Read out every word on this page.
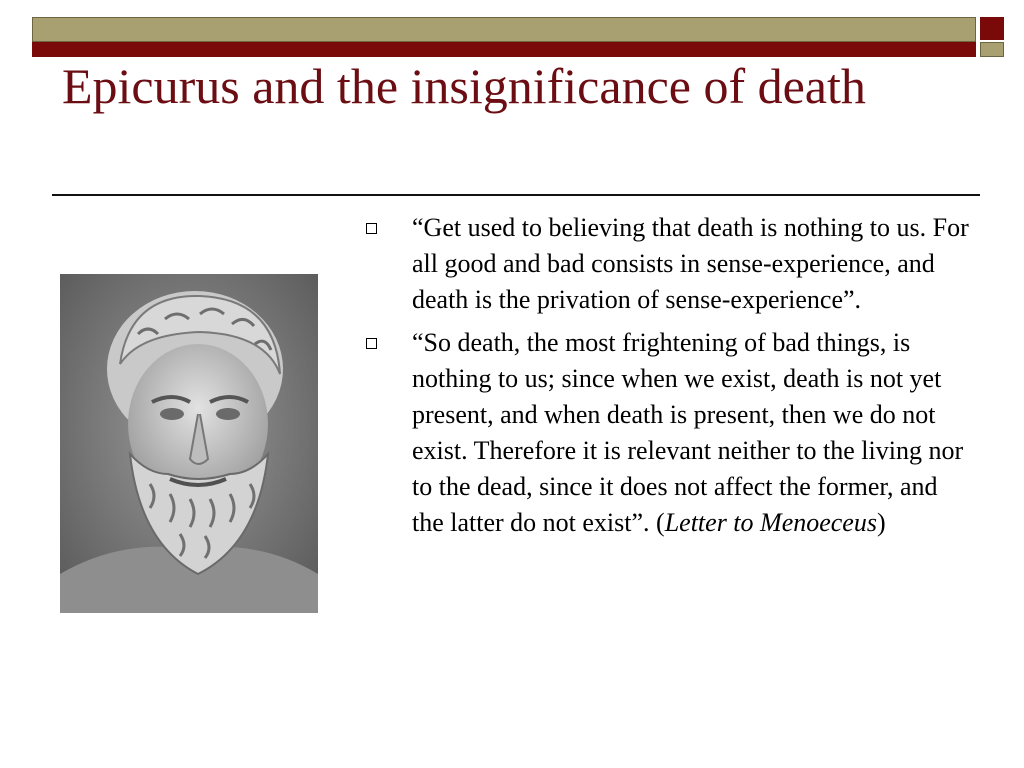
Epicurus and the insignificance of death
“Get used to believing that death is nothing to us. For all good and bad consists in sense-experience, and death is the privation of sense-experience”.
“So death, the most frightening of bad things, is nothing to us; since when we exist, death is not yet present, and when death is present, then we do not exist. Therefore it is relevant neither to the living nor to the dead, since it does not affect the former, and the latter do not exist”. (Letter to Menoeceus)
